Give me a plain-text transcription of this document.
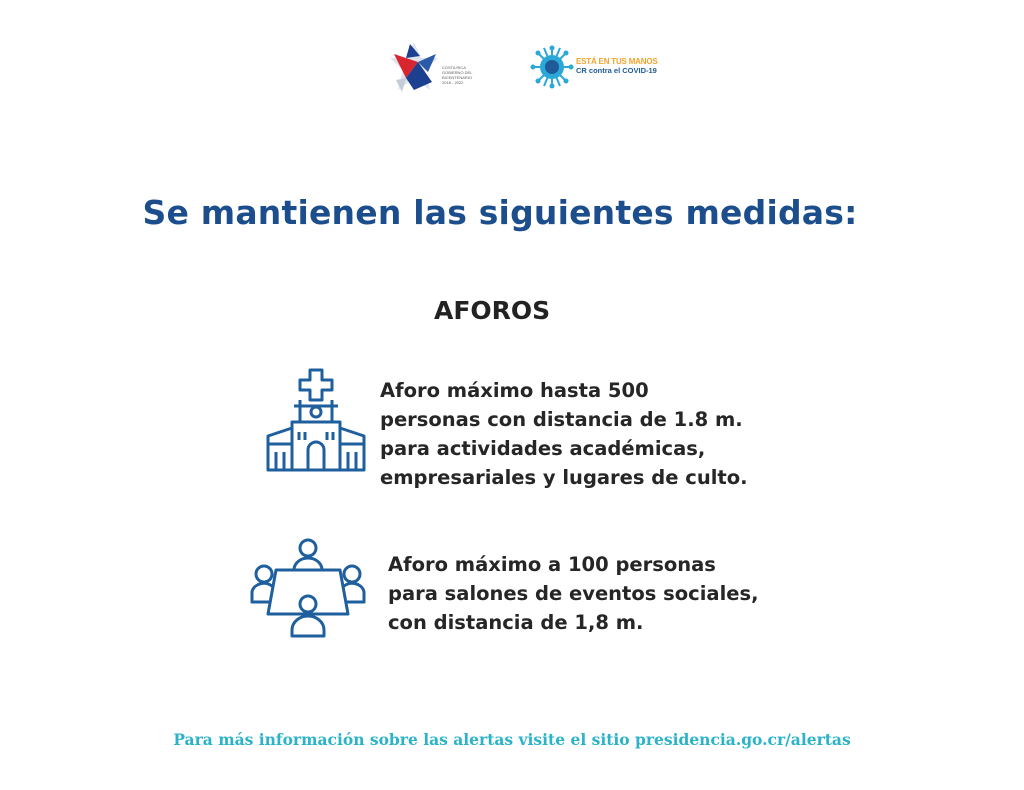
COSTA RICA
GOBIERNO DEL BICENTENARIO
2018 - 2022
ESTÁ EN TUS MANOS
CR contra el COVID-19
Se mantienen las siguientes medidas:
AFOROS
Aforo máximo hasta 500
personas con distancia de 1.8 m.
para actividades académicas,
empresariales y lugares de culto.
Aforo máximo a 100 personas
para salones de eventos sociales,
con distancia de 1,8 m.
Para más información sobre las alertas visite el sitio presidencia.go.cr/alertas
